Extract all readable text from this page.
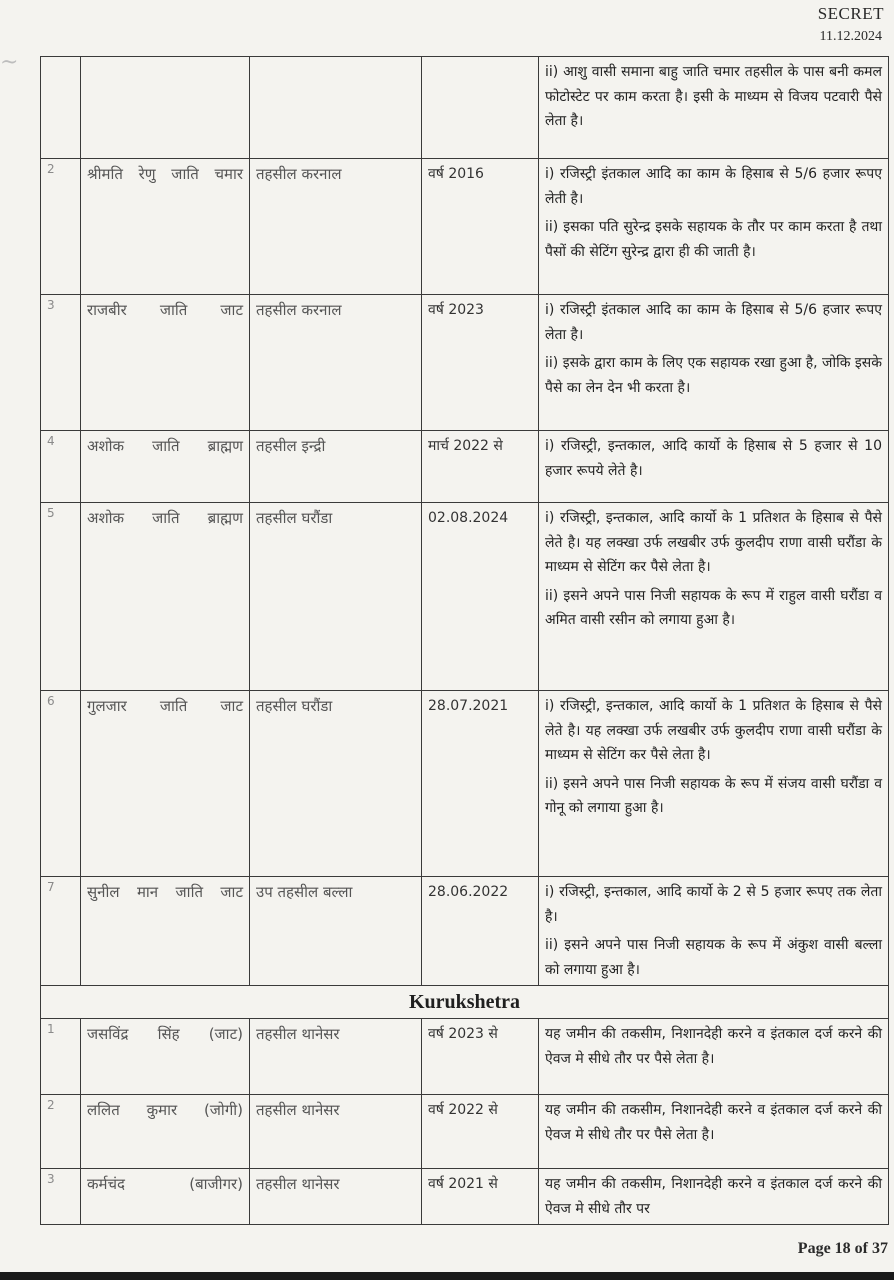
~
SECRET
11.12.2024

				ii) आशु वासी समाना बाहु जाति चमार तहसील के पास बनी कमल फोटोस्टेट पर काम करता है। इसी के माध्यम से विजय पटवारी पैसे लेता है।

2	श्रीमति रेणु जाति चमार	तहसील करनाल	वर्ष 2016	i) रजिस्ट्री इंतकाल आदि का काम के हिसाब से 5/6 हजार रूपए लेती है।

ii) इसका पति सुरेन्द्र इसके सहायक के तौर पर काम करता है तथा पैसों की सेटिंग सुरेन्द्र द्वारा ही की जाती है।

3	राजबीर जाति जाट	तहसील करनाल	वर्ष 2023	i) रजिस्ट्री इंतकाल आदि का काम के हिसाब से 5/6 हजार रूपए लेता है।

ii) इसके द्वारा काम के लिए एक सहायक रखा हुआ है, जोकि इसके पैसे का लेन देन भी करता है।

4	अशोक जाति ब्राह्मण	तहसील इन्द्री	मार्च 2022 से	i) रजिस्ट्री, इन्तकाल, आदि कार्यो के हिसाब से 5 हजार से 10 हजार रूपये लेते है।

5	अशोक जाति ब्राह्मण	तहसील घरौंडा	02.08.2024	i) रजिस्ट्री, इन्तकाल, आदि कार्यो के 1 प्रतिशत के हिसाब से पैसे लेते है। यह लक्खा उर्फ लखबीर उर्फ कुलदीप राणा वासी घरौंडा के माध्यम से सेटिंग कर पैसे लेता है।

ii) इसने अपने पास निजी सहायक के रूप में राहुल वासी घरौंडा व अमित वासी रसीन को लगाया हुआ है।

6	गुलजार जाति जाट	तहसील घरौंडा	28.07.2021	i) रजिस्ट्री, इन्तकाल, आदि कार्यो के 1 प्रतिशत के हिसाब से पैसे लेते है। यह लक्खा उर्फ लखबीर उर्फ कुलदीप राणा वासी घरौंडा के माध्यम से सेटिंग कर पैसे लेता है।

ii) इसने अपने पास निजी सहायक के रूप में संजय वासी घरौंडा व गोनू को लगाया हुआ है।

7	सुनील मान जाति जाट	उप तहसील बल्ला	28.06.2022	i) रजिस्ट्री, इन्तकाल, आदि कार्यो के 2 से 5 हजार रूपए तक लेता है।

ii) इसने अपने पास निजी सहायक के रूप में अंकुश वासी बल्ला को लगाया हुआ है।

Kurukshetra				
1	जसविंद्र सिंह (जाट)	तहसील थानेसर	वर्ष 2023 से	यह जमीन की तकसीम, निशानदेही करने व इंतकाल दर्ज करने की ऐवज मे सीधे तौर पर पैसे लेता है।

2	ललित कुमार (जोगी)	तहसील थानेसर	वर्ष 2022 से	यह जमीन की तकसीम, निशानदेही करने व इंतकाल दर्ज करने की ऐवज मे सीधे तौर पर पैसे लेता है।

3	कर्मचंद (बाजीगर)	तहसील थानेसर	वर्ष 2021 से	यह जमीन की तकसीम, निशानदेही करने व इंतकाल दर्ज करने की ऐवज मे सीधे तौर पर

Page 18 of 37
